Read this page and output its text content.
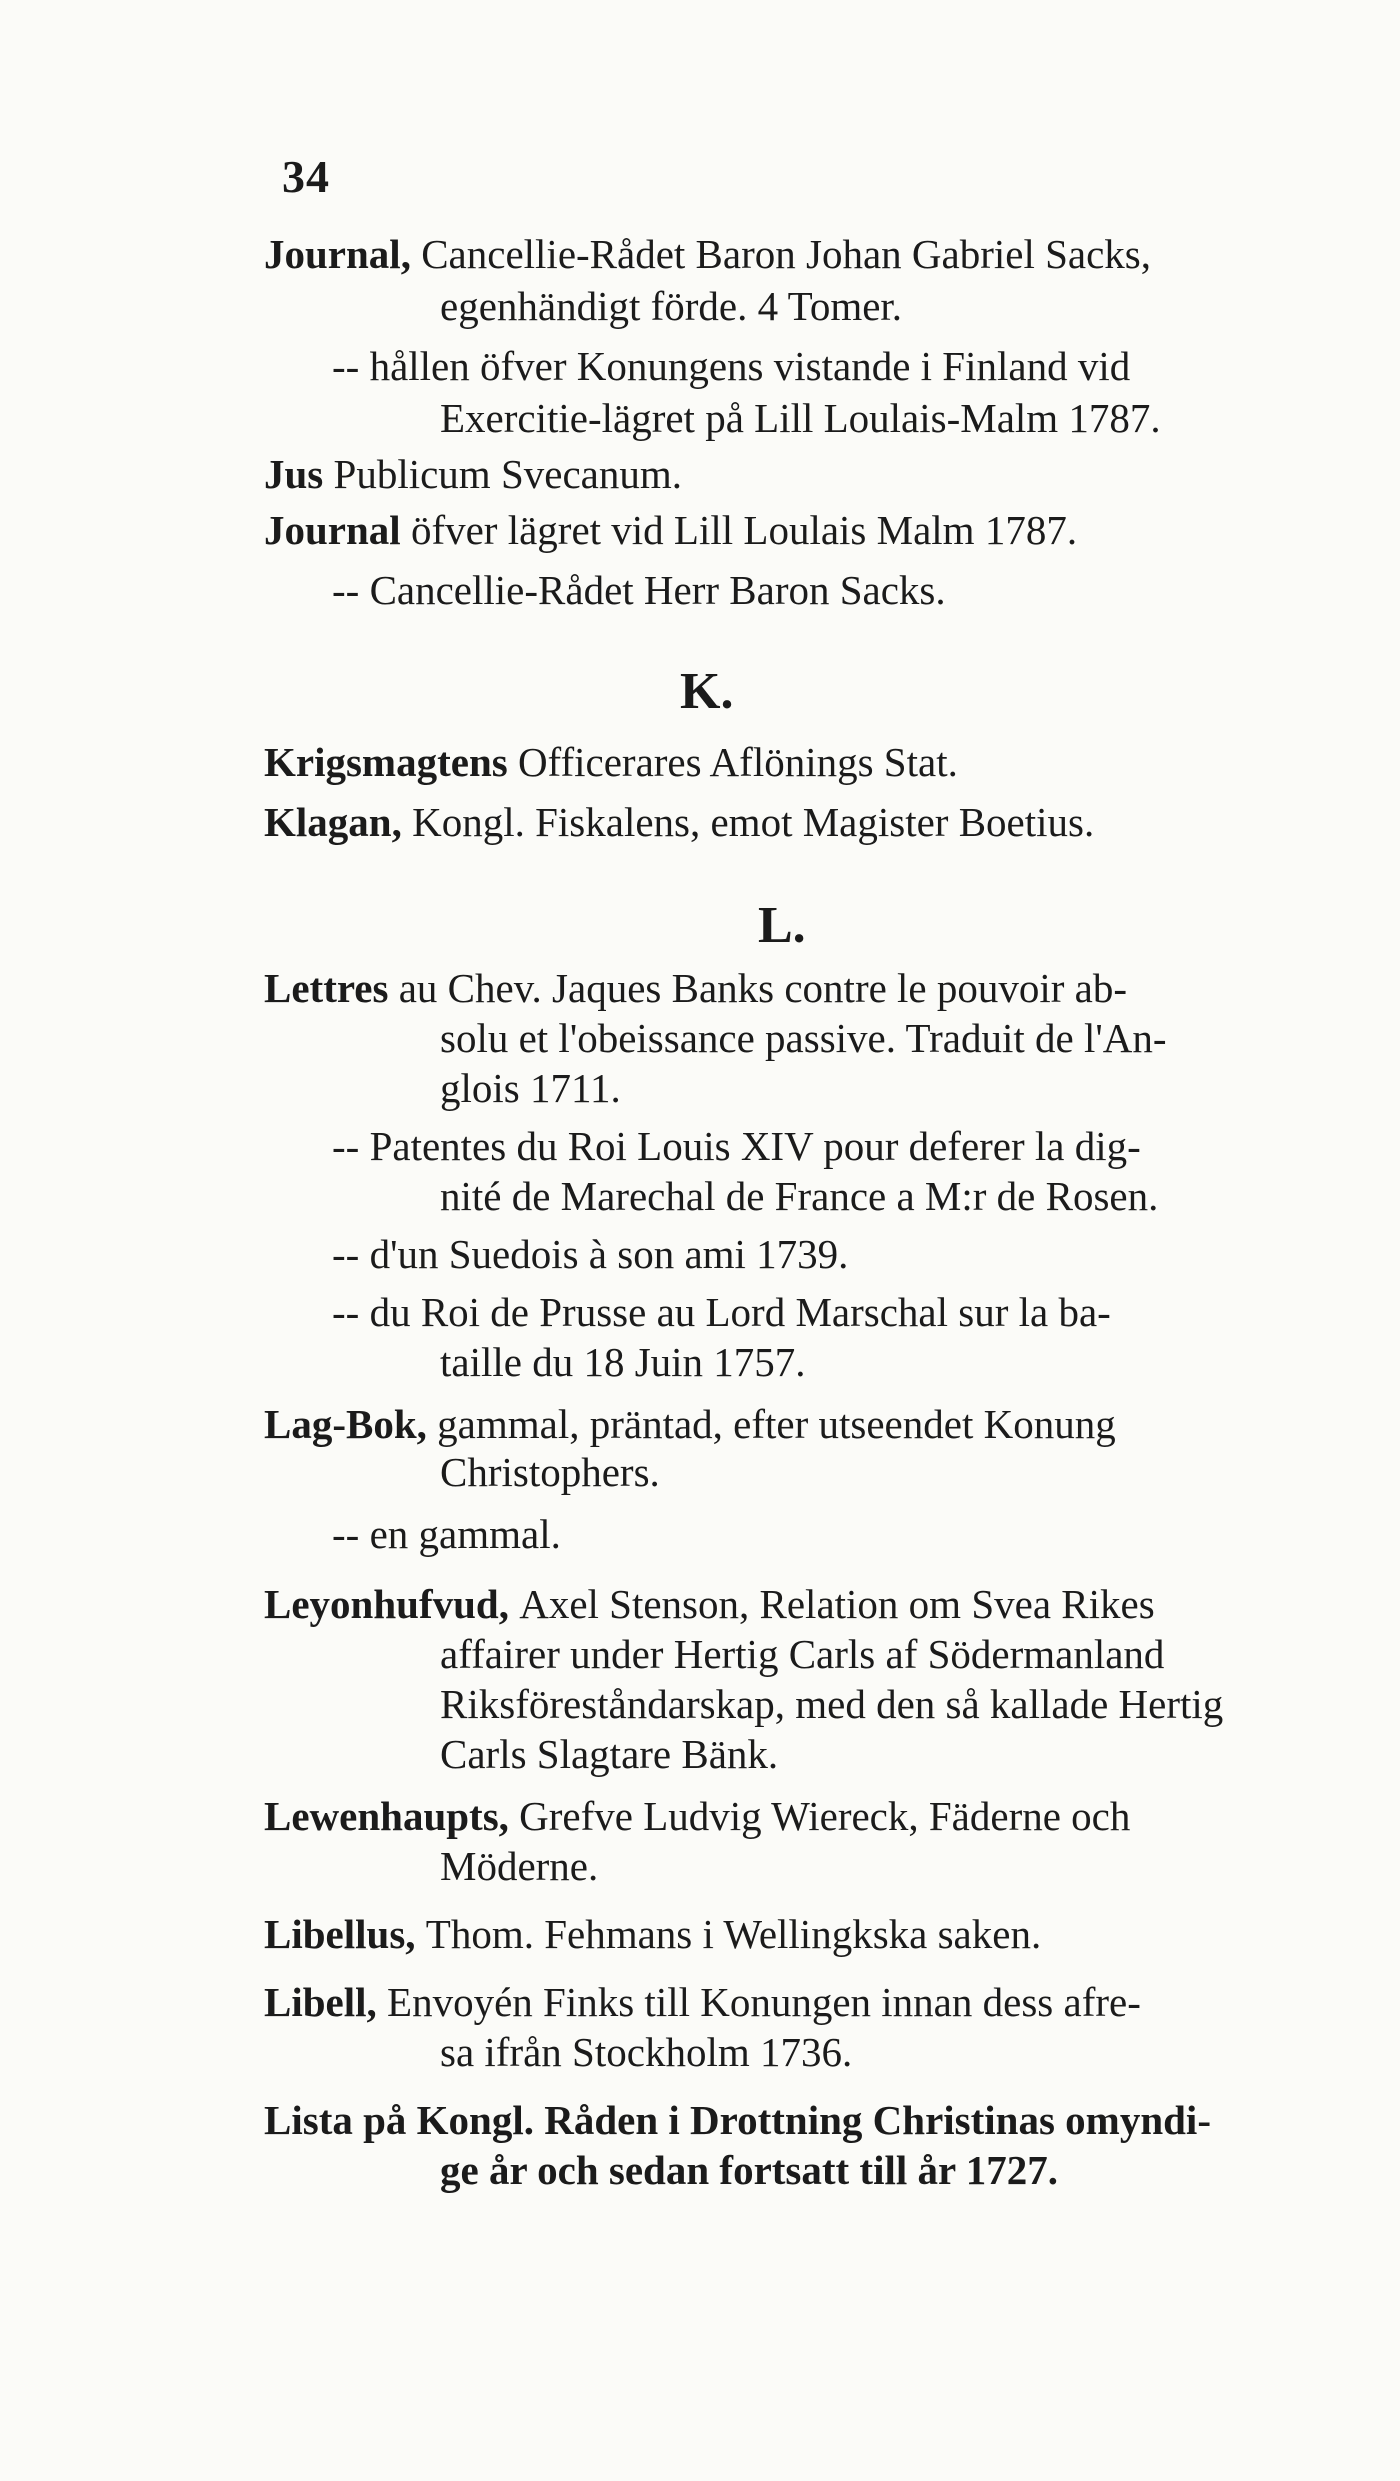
34
Journal, Cancellie-Rådet Baron Johan Gabriel Sacks,
egenhändigt förde. 4 Tomer.
-- hållen öfver Konungens vistande i Finland vid
Exercitie-lägret på Lill Loulais-Malm 1787.
Jus Publicum Svecanum.
Journal öfver lägret vid Lill Loulais Malm 1787.
-- Cancellie-Rådet Herr Baron Sacks.
K.
Krigsmagtens Officerares Aflönings Stat.
Klagan, Kongl. Fiskalens, emot Magister Boetius.
L.
Lettres au Chev. Jaques Banks contre le pouvoir ab-
solu et l'obeissance passive. Traduit de l'An-
glois 1711.
-- Patentes du Roi Louis XIV pour deferer la dig-
nité de Marechal de France a M:r de Rosen.
-- d'un Suedois à son ami 1739.
-- du Roi de Prusse au Lord Marschal sur la ba-
taille du 18 Juin 1757.
Lag-Bok, gammal, präntad, efter utseendet Konung
Christophers.
-- en gammal.
Leyonhufvud, Axel Stenson, Relation om Svea Rikes
affairer under Hertig Carls af Södermanland
Riksföreståndarskap, med den så kallade Hertig
Carls Slagtare Bänk.
Lewenhaupts, Grefve Ludvig Wiereck, Fäderne och
Möderne.
Libellus, Thom. Fehmans i Wellingkska saken.
Libell, Envoyén Finks till Konungen innan dess afre-
sa ifrån Stockholm 1736.
Lista på Kongl. Råden i Drottning Christinas omyndi-
ge år och sedan fortsatt till år 1727.
